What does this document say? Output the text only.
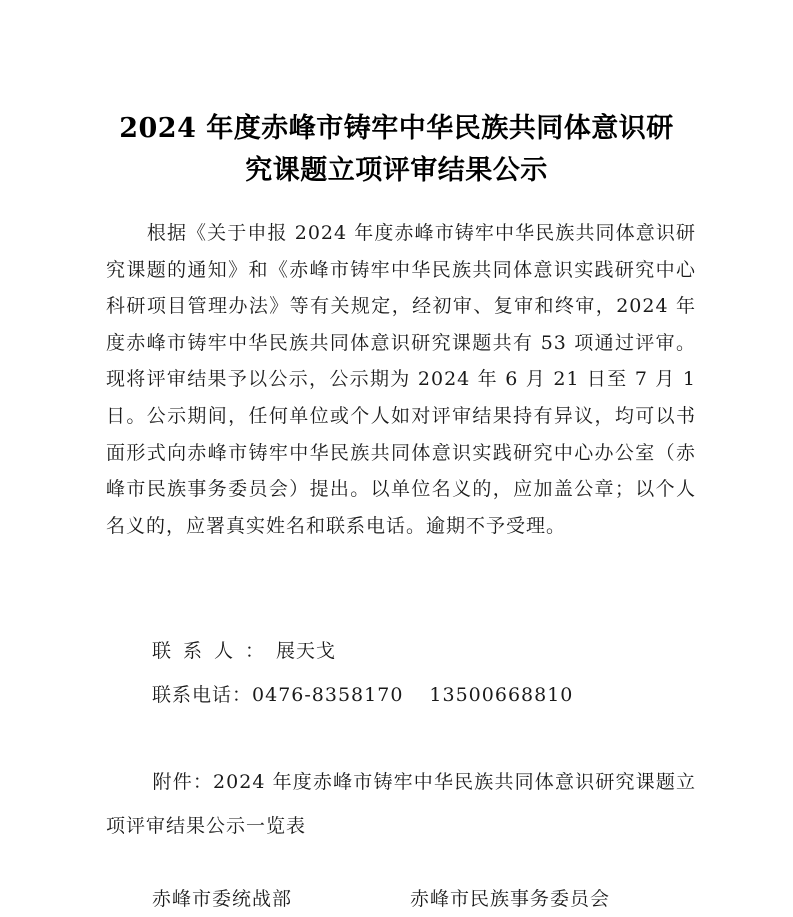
2024 年度赤峰市铸牢中华民族共同体意识研
究课题立项评审结果公示
根据《关于申报 2024 年度赤峰市铸牢中华民族共同体意识研究课题的通知》和《赤峰市铸牢中华民族共同体意识实践研究中心科研项目管理办法》等有关规定，经初审、复审和终审，2024 年度赤峰市铸牢中华民族共同体意识研究课题共有 53 项通过评审。现将评审结果予以公示，公示期为 2024 年 6 月 21 日至 7 月 1 日。公示期间，任何单位或个人如对评审结果持有异议，均可以书面形式向赤峰市铸牢中华民族共同体意识实践研究中心办公室（赤峰市民族事务委员会）提出。以单位名义的，应加盖公章；以个人名义的，应署真实姓名和联系电话。逾期不予受理。
联系人：展天戈
联系电话：0476-8358170 13500668810
附件：2024 年度赤峰市铸牢中华民族共同体意识研究课题立项评审结果公示一览表
赤峰市委统战部	赤峰市民族事务委员会
